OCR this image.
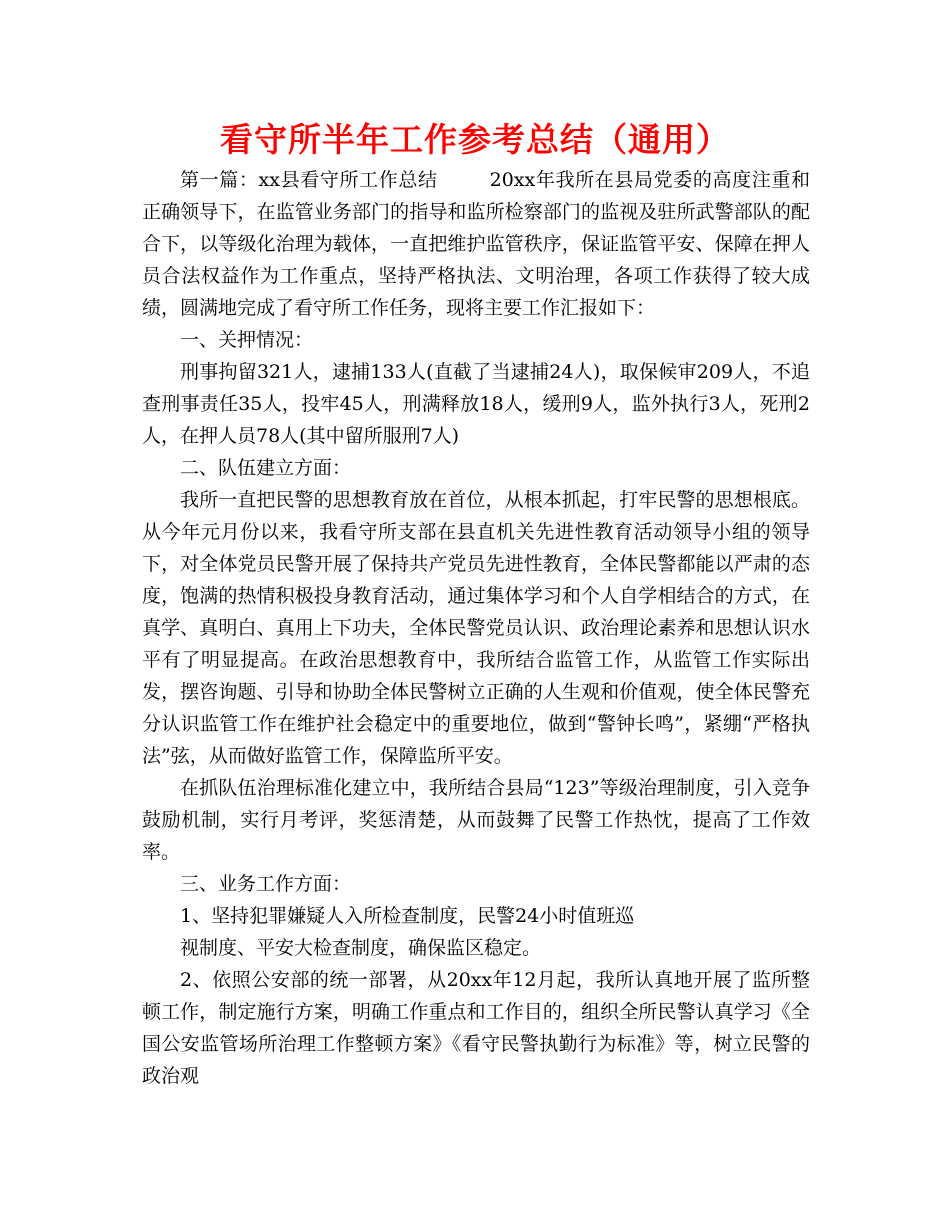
看守所半年工作参考总结（通用）

第一篇：xx县看守所工作总结	20xx年我所在县局党委的高度注重和正确领导下，在监管业务部门的指导和监所检察部门的监视及驻所武警部队的配合下，以等级化治理为载体，一直把维护监管秩序，保证监管平安、保障在押人员合法权益作为工作重点，坚持严格执法、文明治理，各项工作获得了较大成绩，圆满地完成了看守所工作任务，现将主要工作汇报如下：

一、关押情况：

刑事拘留321人，逮捕133人(直截了当逮捕24人)，取保候审209人，不追查刑事责任35人，投牢45人，刑满释放18人，缓刑9人，监外执行3人，死刑2人，在押人员78人(其中留所服刑7人)

二、队伍建立方面：

我所一直把民警的思想教育放在首位，从根本抓起，打牢民警的思想根底。从今年元月份以来，我看守所支部在县直机关先进性教育活动领导小组的领导下，对全体党员民警开展了保持共产党员先进性教育，全体民警都能以严肃的态度，饱满的热情积极投身教育活动，通过集体学习和个人自学相结合的方式，在真学、真明白、真用上下功夫，全体民警党员认识、政治理论素养和思想认识水平有了明显提高。在政治思想教育中，我所结合监管工作，从监管工作实际出发，摆咨询题、引导和协助全体民警树立正确的人生观和价值观，使全体民警充分认识监管工作在维护社会稳定中的重要地位，做到“警钟长鸣”，紧绷“严格执法”弦，从而做好监管工作，保障监所平安。

在抓队伍治理标准化建立中，我所结合县局“123”等级治理制度，引入竞争鼓励机制，实行月考评，奖惩清楚，从而鼓舞了民警工作热忱，提高了工作效率。

三、业务工作方面：

1、坚持犯罪嫌疑人入所检查制度，民警24小时值班巡

视制度、平安大检查制度，确保监区稳定。

2、依照公安部的统一部署，从20xx年12月起，我所认真地开展了监所整顿工作，制定施行方案，明确工作重点和工作目的，组织全所民警认真学习《全国公安监管场所治理工作整顿方案》《看守民警执勤行为标准》等，树立民警的政治观
